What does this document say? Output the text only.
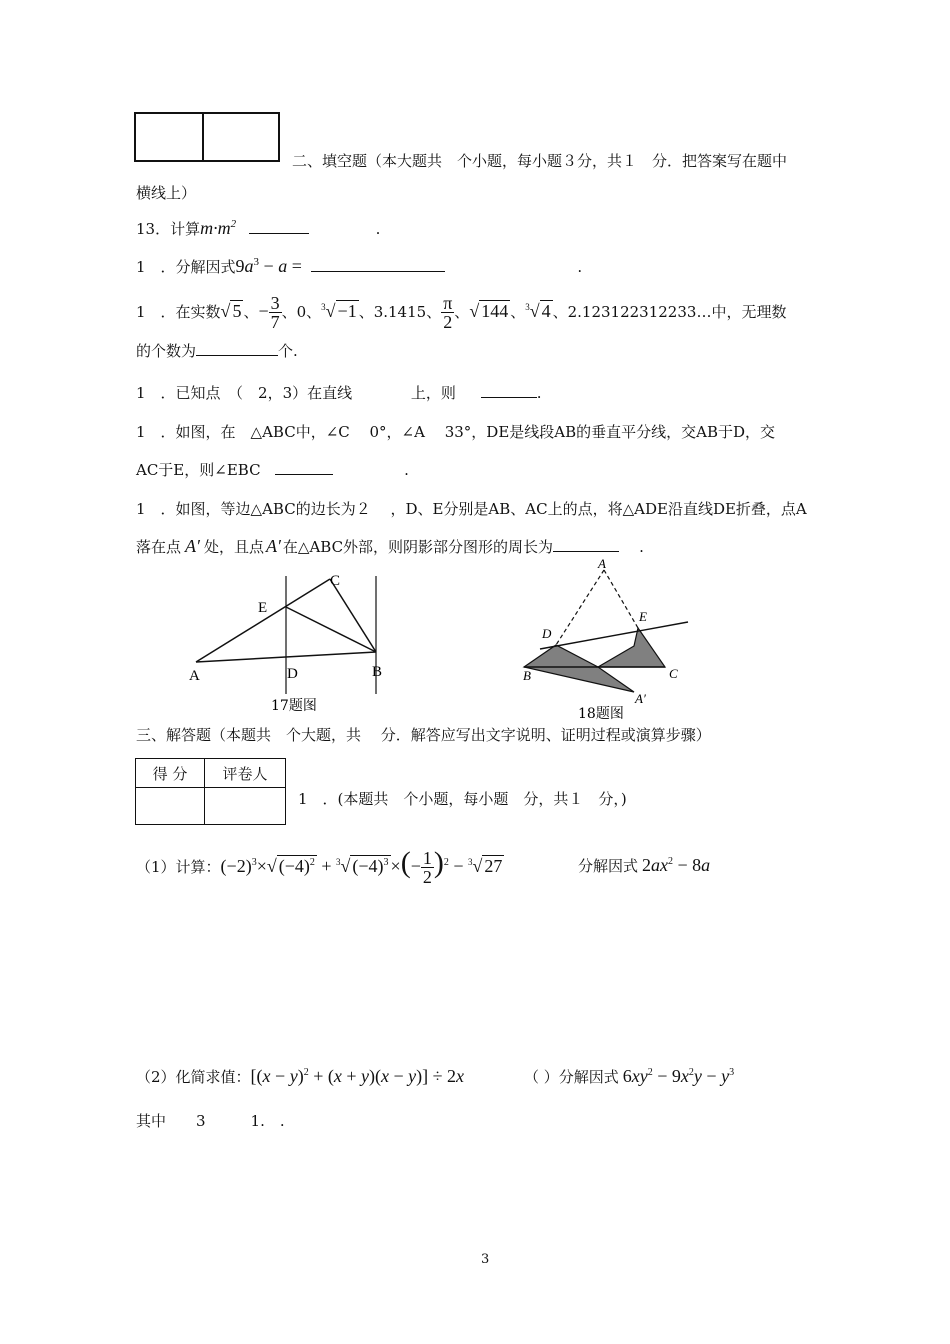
二、填空题（本大题共　个小题，每小题３分，共１　分．把答案写在题中
横线上）
13．计算$m\cdot m^2$	.
1　．分解因式$9a^3 - a$ =	.
1　．在实数√ 5 、− $\frac{3}{7}$ 、0、$^3$√ −1 、3.1415、 $\frac{\pi}{2}$ 、√ 144 、$^3$√ 4 、2.123122312233…中，无理数
的个数为	个.
1　．已知点　（　2，3）在直线	上，则	.
1　．如图，在　△ABC中，∠C　 0°，∠A　 33°，DE是线段AB的垂直平分线，交AB于D，交
AC于E，则∠EBC	.
1　．如图，等边△ABC的边长为２　 ，D、E分别是AB、AC上的点，将△ADE沿直线DE折叠，点A
落在点 A′ 处，且点 A′ 在△ABC外部，则阴影部分图形的周长为	.
A	B
C
D
E
17题图
A
B	C
D
E
A′
18题图
三、解答题（本题共　个大题，共　 分．解答应写出文字说明、证明过程或演算步骤）
得 分	评卷人

1　．(本题共　个小题，每小题　分，共１　分，)
（1）计算：$(-2)^3\times√$ $(-4)^2 + ^3√$ $(-4)^3$ ×(− $\frac{1}{2} )^2 - ^3√$ 27	分解因式 $2ax^2 - 8a$
（2）化简求值：$[(x - y)^2 + (x + y)(x - y)] \div 2x$	（ ）分解因式 $6xy^2 - 9x^2y - y^3$
其中　　3　　　1.　.
3
